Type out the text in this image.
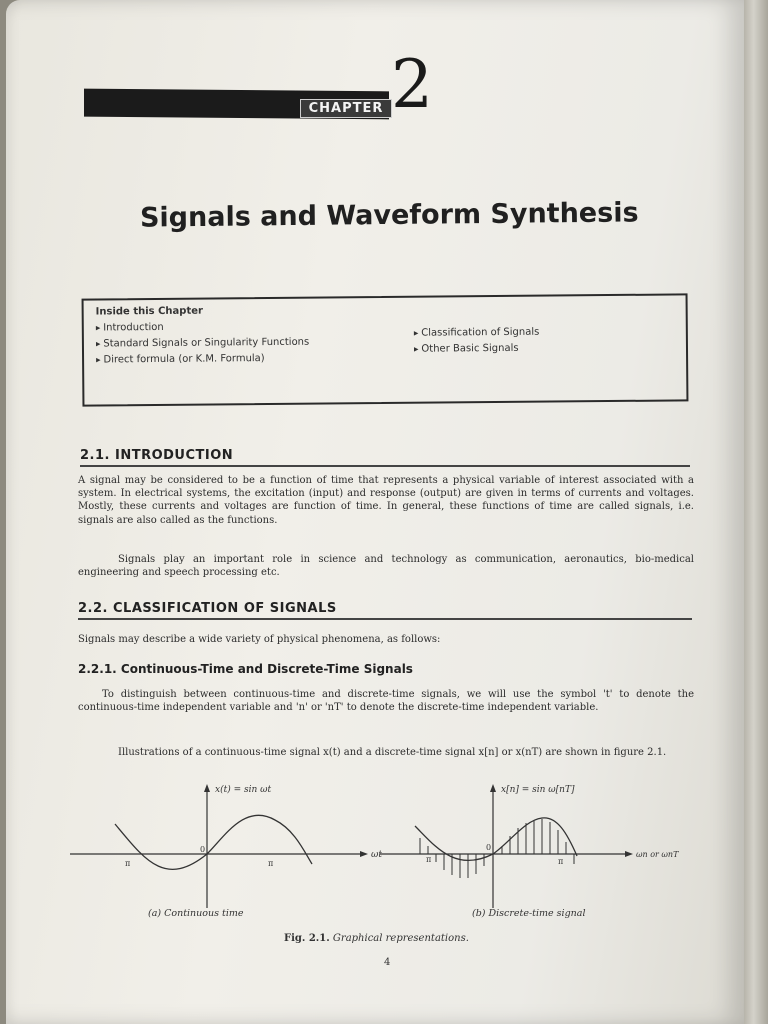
CHAPTER 2
Signals and Waveform Synthesis
Inside this Chapter
▸ Introduction
▸ Standard Signals or Singularity Functions
▸ Direct formula (or K.M. Formula)
▸ Classification of Signals
▸ Other Basic Signals
2.1. INTRODUCTION
A signal may be considered to be a function of time that represents a physical variable of interest associated with a system. In electrical systems, the excitation (input) and response (output) are given in terms of currents and voltages. Mostly, these currents and voltages are function of time. In general, these functions of time are called signals, i.e. signals are also called as the functions.
Signals play an important role in science and technology as communication, aeronautics, bio-medical engineering and speech processing etc.
2.2. CLASSIFICATION OF SIGNALS
Signals may describe a wide variety of physical phenomena, as follows:
2.2.1. Continuous-Time and Discrete-Time Signals
To distinguish between continuous-time and discrete-time signals, we will use the symbol 't' to denote the continuous-time independent variable and 'n' or 'nT' to denote the discrete-time independent variable.
Illustrations of a continuous-time signal x(t) and a discrete-time signal x[n] or x(nT) are shown in figure 2.1.
x(t) = sin ωt
ωt
0
π	π
x[n] = sin ω[nT]
ωn or ωnT
0
π	π
(a) Continuous time	(b) Discrete-time signal
Fig. 2.1. Graphical representations.
4
